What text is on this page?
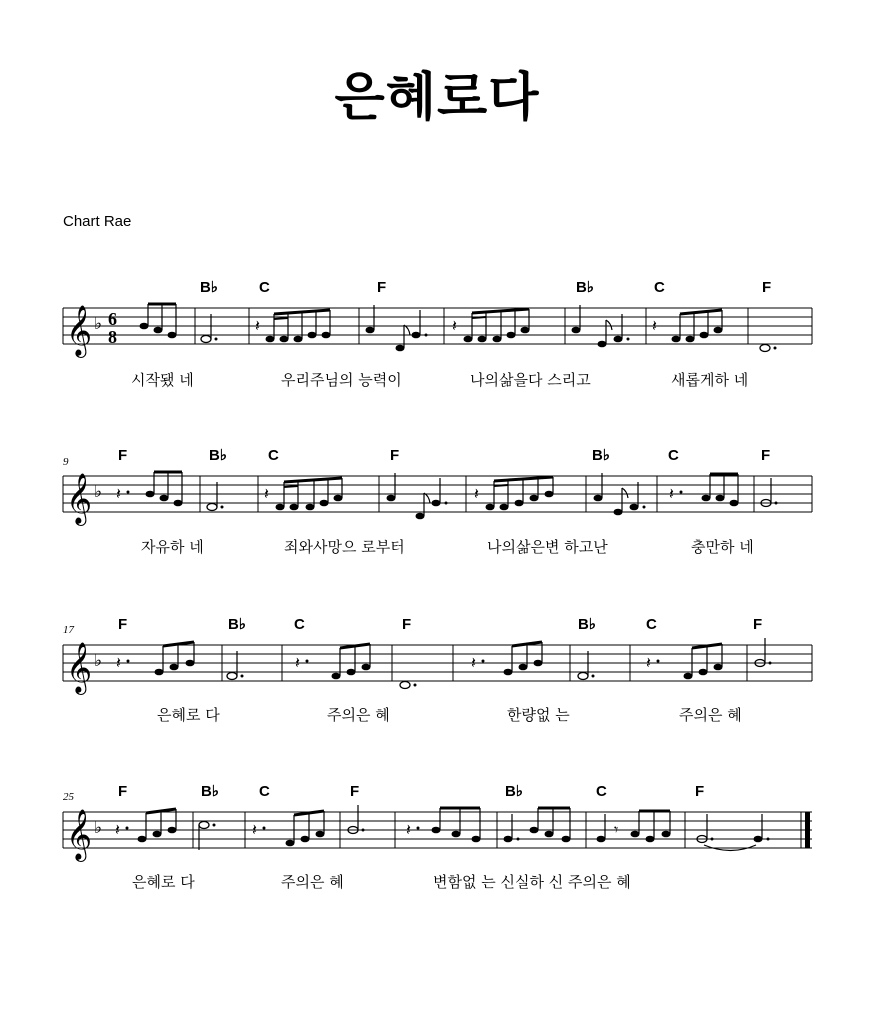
은혜로다
Chart Rae
𝄞 ♭ 6
8
𝄽	𝄽	𝄽
B♭	C	F	B♭	C	F
시작됐 네	우리주님의 능력이	나의삶을다 스리고	새롭게하 네
9
𝄞 ♭ 𝄽	𝄽	𝄽	𝄽
F	B♭	C	F	B♭	C	F
자유하 네	죄와사망으 로부터	나의삶은변 하고난	충만하 네
17
𝄞 ♭ 𝄽	𝄽	𝄽	𝄽
F	B♭	C	F	B♭	C	F
은혜로 다	주의은 혜	한량없 는	주의은 혜
25
𝄞 ♭ 𝄽	𝄽	𝄽	𝄾
F	B♭	C	F	B♭	C	F
은혜로 다	주의은 혜	변함없 는 신실하 신 주의은 혜
